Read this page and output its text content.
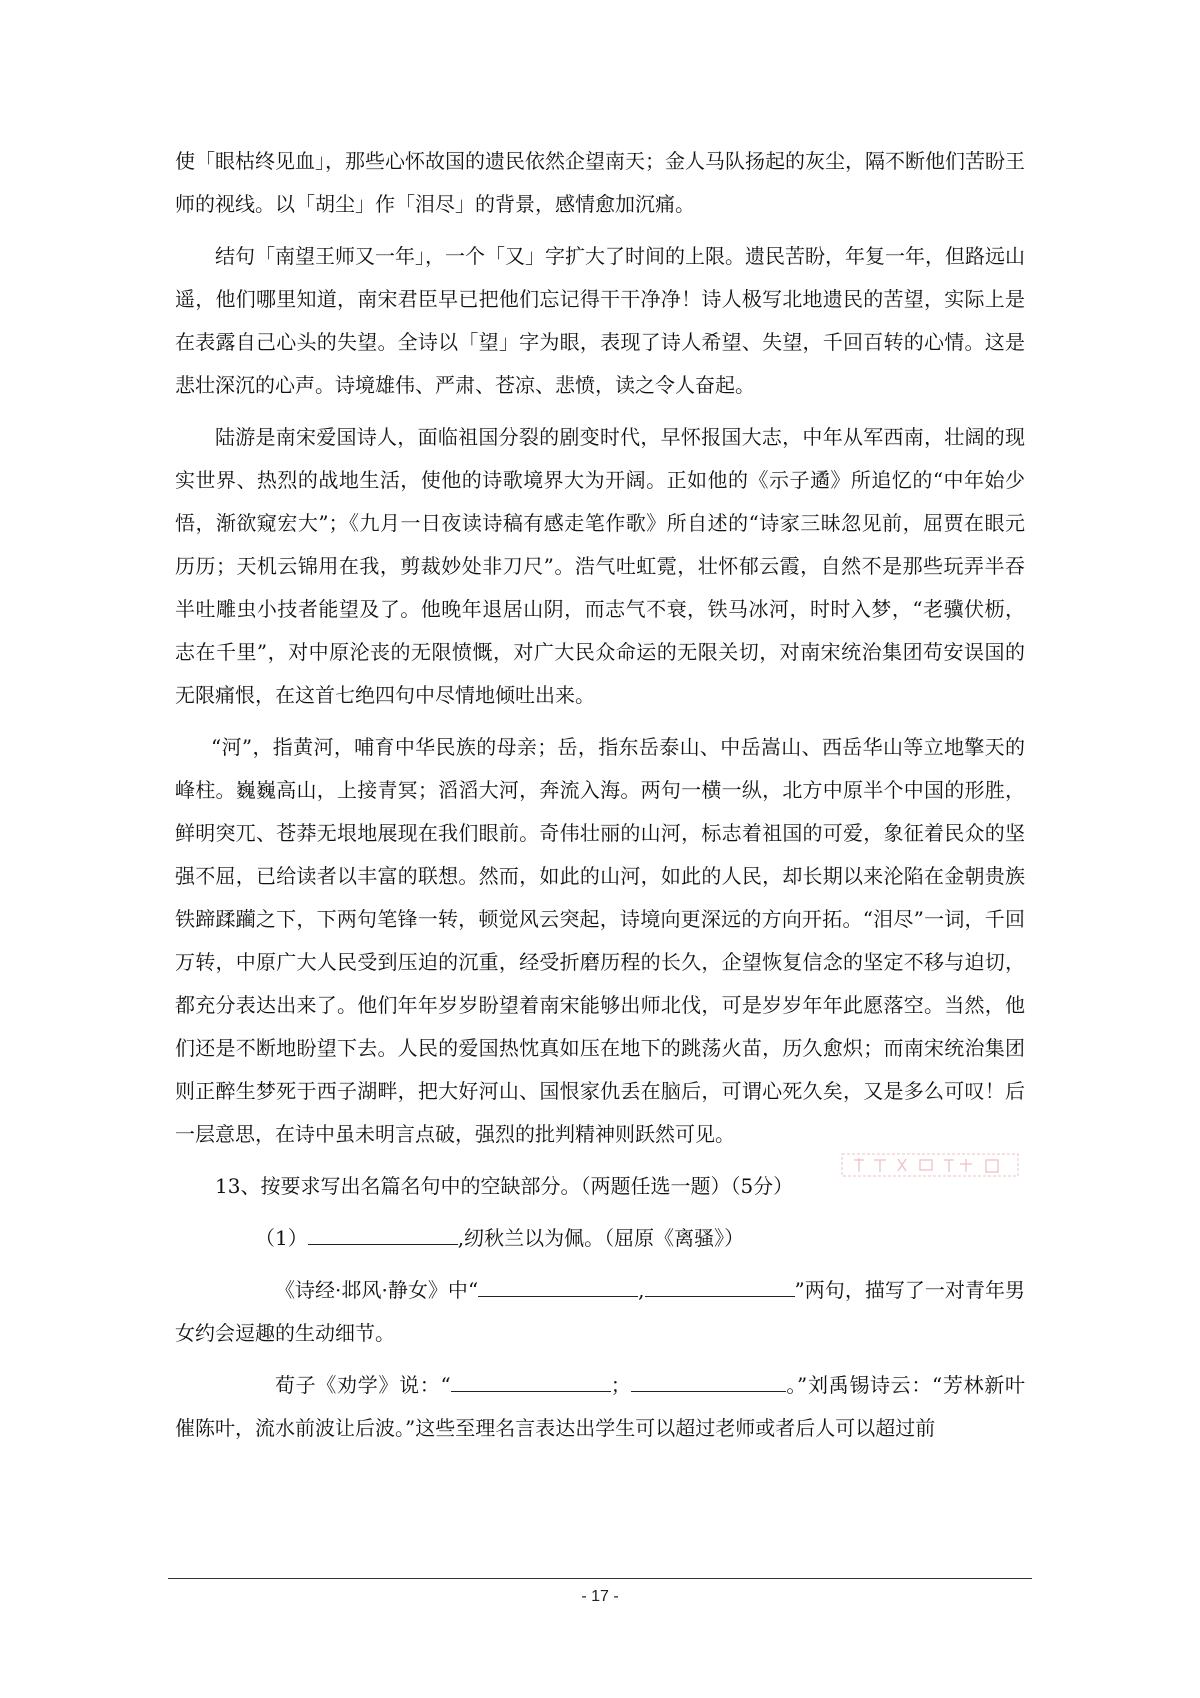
使「眼枯终见血」，那些心怀故国的遗民依然企望南天；金人马队扬起的灰尘，隔不断他们苦盼王师的视线。以「胡尘」作「泪尽」的背景，感情愈加沉痛。

结句「南望王师又一年」，一个「又」字扩大了时间的上限。遗民苦盼，年复一年，但路远山遥，他们哪里知道，南宋君臣早已把他们忘记得干干净净！诗人极写北地遗民的苦望，实际上是在表露自己心头的失望。全诗以「望」字为眼，表现了诗人希望、失望，千回百转的心情。这是悲壮深沉的心声。诗境雄伟、严肃、苍凉、悲愤，读之令人奋起。

陆游是南宋爱国诗人，面临祖国分裂的剧变时代，早怀报国大志，中年从军西南，壮阔的现实世界、热烈的战地生活，使他的诗歌境界大为开阔。正如他的《示子遹》所追忆的“中年始少悟，渐欲窥宏大”；《九月一日夜读诗稿有感走笔作歌》所自述的“诗家三昧忽见前，屈贾在眼元历历；天机云锦用在我，剪裁妙处非刀尺”。浩气吐虹霓，壮怀郁云霞，自然不是那些玩弄半吞半吐雕虫小技者能望及了。他晚年退居山阴，而志气不衰，铁马冰河，时时入梦，“老骥伏枥，志在千里”，对中原沦丧的无限愤慨，对广大民众命运的无限关切，对南宋统治集团苟安误国的无限痛恨，在这首七绝四句中尽情地倾吐出来。

“河”，指黄河，哺育中华民族的母亲；岳，指东岳泰山、中岳嵩山、西岳华山等立地擎天的峰柱。巍巍高山，上接青冥；滔滔大河，奔流入海。两句一横一纵，北方中原半个中国的形胜，鲜明突兀、苍莽无垠地展现在我们眼前。奇伟壮丽的山河，标志着祖国的可爱，象征着民众的坚强不屈，已给读者以丰富的联想。然而，如此的山河，如此的人民，却长期以来沦陷在金朝贵族铁蹄蹂躏之下，下两句笔锋一转，顿觉风云突起，诗境向更深远的方向开拓。“泪尽”一词，千回万转，中原广大人民受到压迫的沉重，经受折磨历程的长久，企望恢复信念的坚定不移与迫切，都充分表达出来了。他们年年岁岁盼望着南宋能够出师北伐，可是岁岁年年此愿落空。当然，他们还是不断地盼望下去。人民的爱国热忱真如压在地下的跳荡火苗，历久愈炽；而南宋统治集团则正醉生梦死于西子湖畔，把大好河山、国恨家仇丢在脑后，可谓心死久矣，又是多么可叹！后一层意思，在诗中虽未明言点破，强烈的批判精神则跃然可见。

13、按要求写出名篇名句中的空缺部分。（两题任选一题）（5分）

（1）	,纫秋兰以为佩。（屈原《离骚》）

《诗经·邶风·静女》中“	,	”两句，描写了一对青年男女约会逗趣的生动细节。

荀子《劝学》说：“	；	。”刘禹锡诗云：“芳林新叶催陈叶，流水前波让后波。”这些至理名言表达出学生可以超过老师或者后人可以超过前

- 17 -
